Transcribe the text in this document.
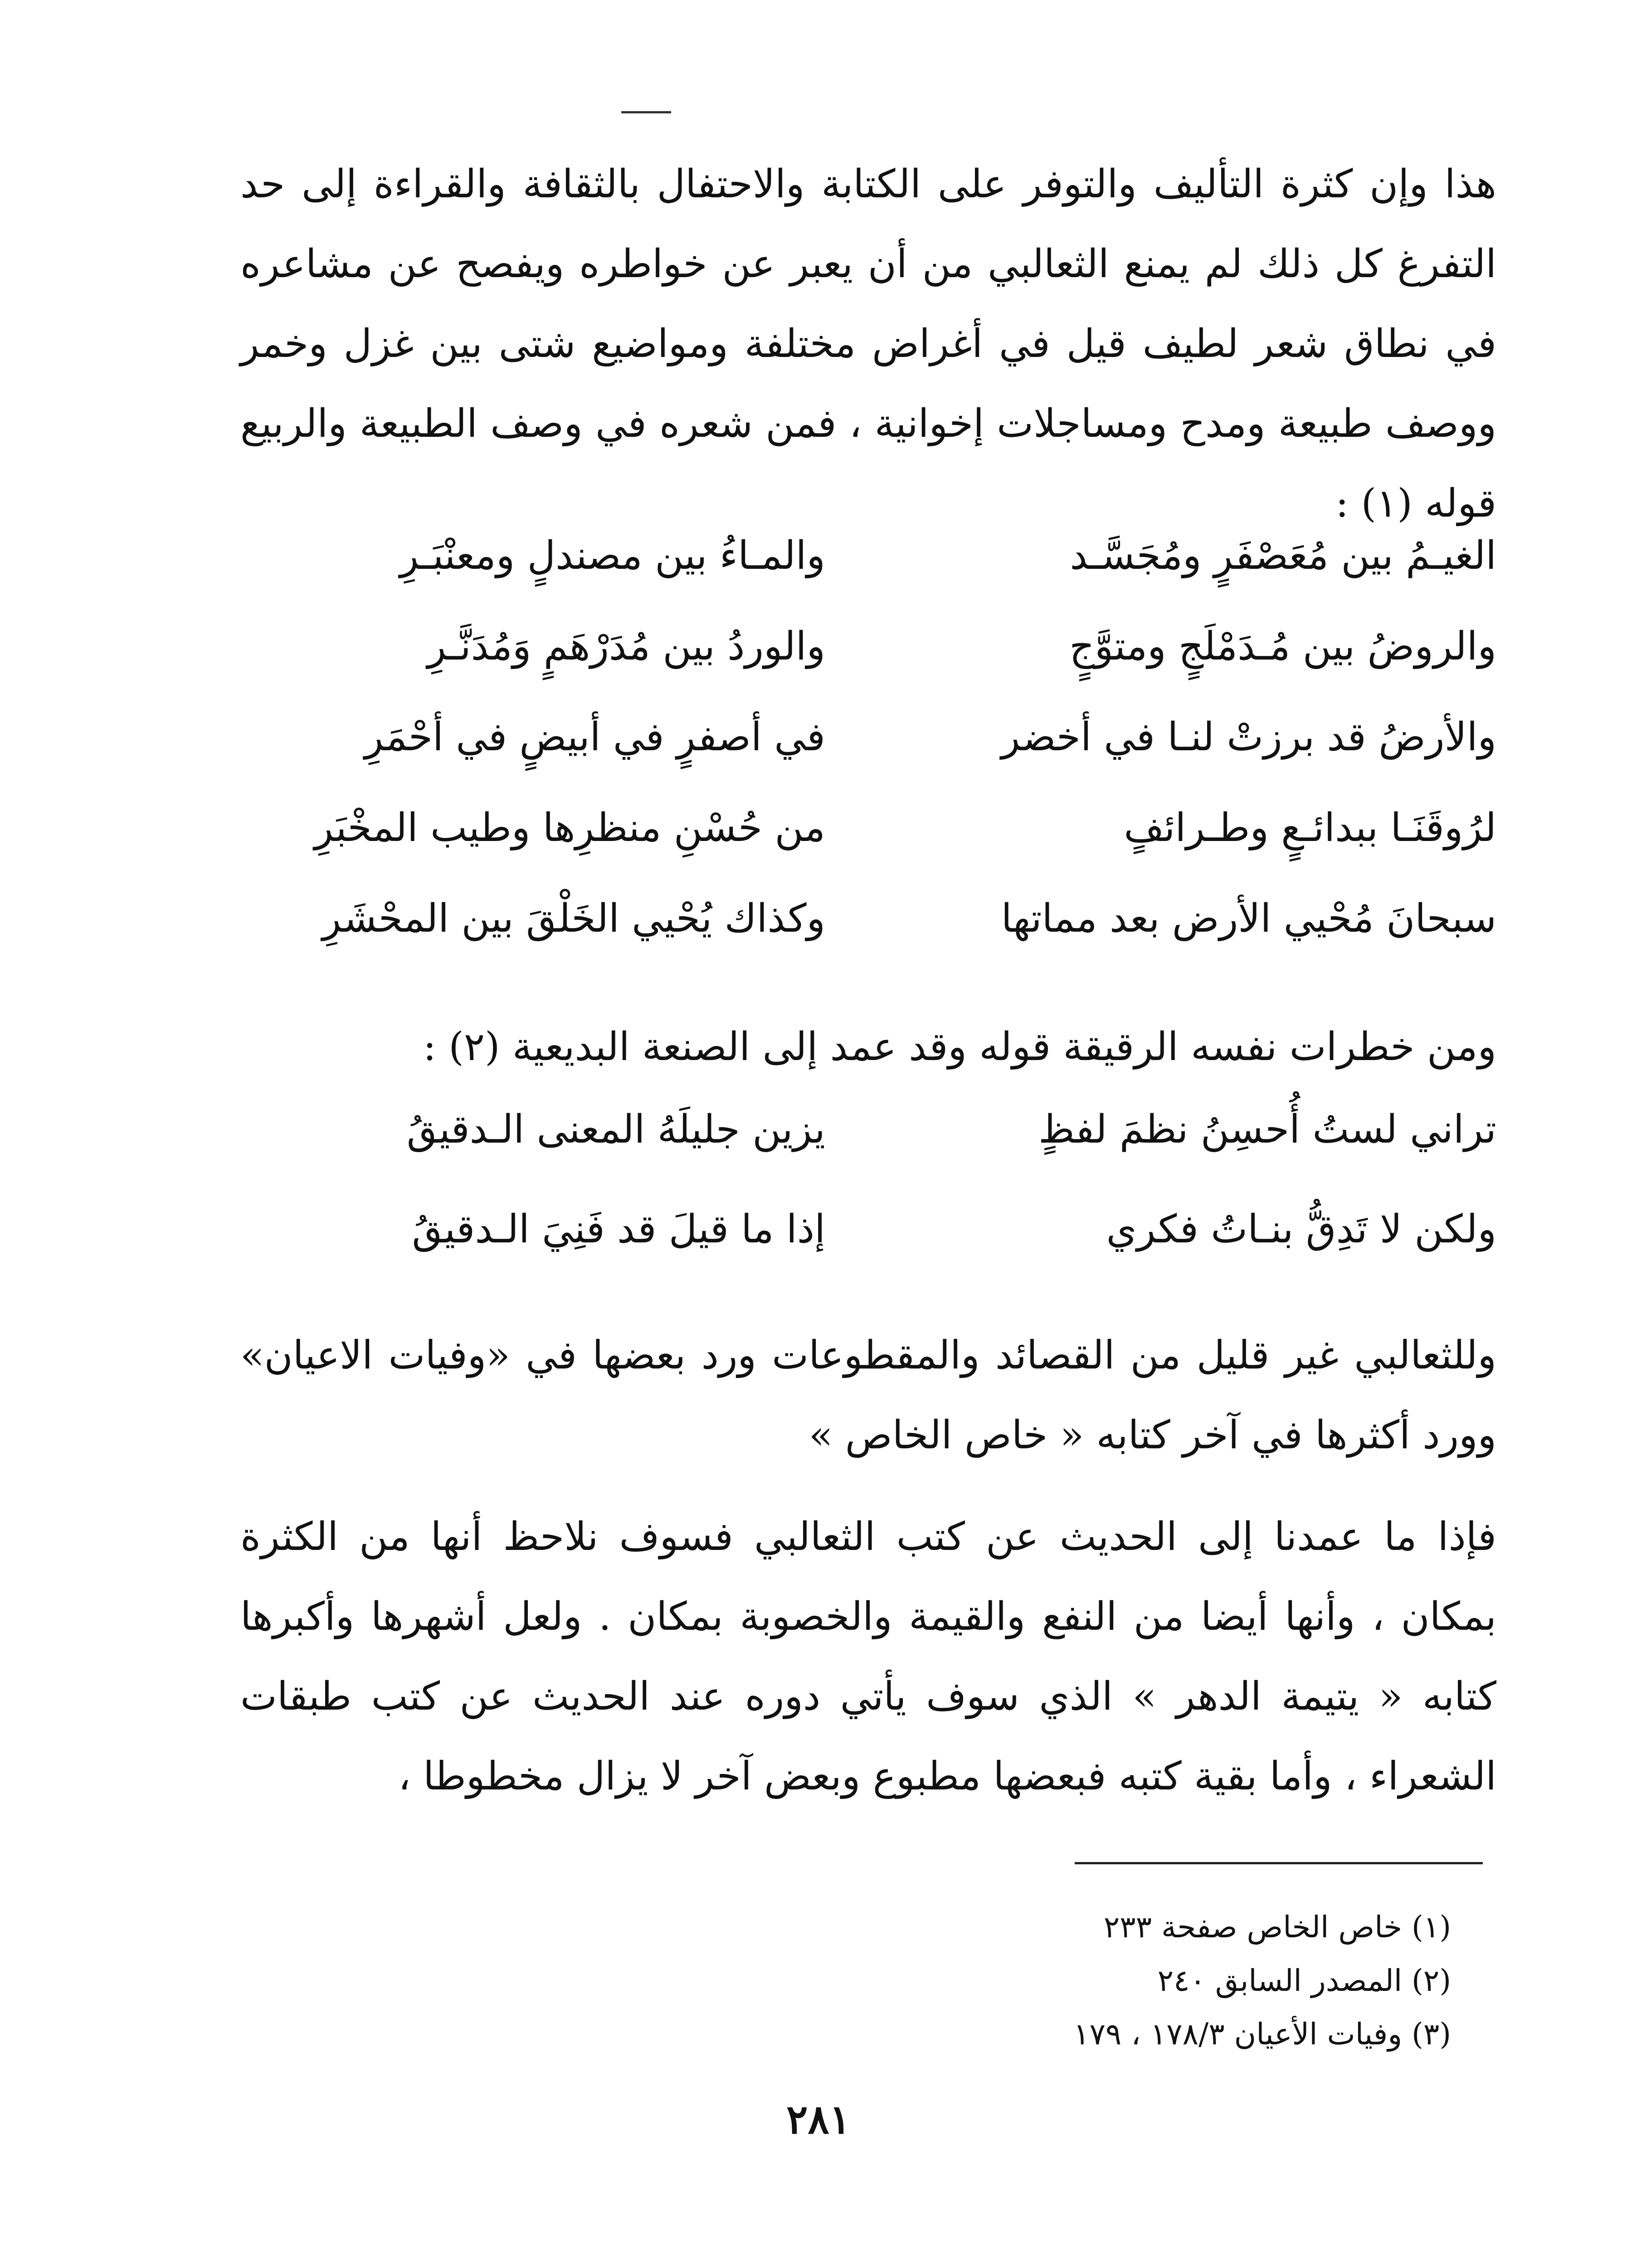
هذا وإن كثرة التأليف والتوفر على الكتابة والاحتفال بالثقافة والقراءة إلى حد التفرغ كل ذلك لم يمنع الثعالبي من أن يعبر عن خواطره ويفصح عن مشاعره في نطاق شعر لطيف قيل في أغراض مختلفة ومواضيع شتى بين غزل وخمر ووصف طبيعة ومدح ومساجلات إخوانية ، فمن شعره في وصف الطبيعة والربيع قوله (١) :

الغيـمُ بين مُعَصْفَرٍ ومُجَسَّـد
والمـاءُ بين مصندلٍ ومعنْبَـرِ
والروضُ بين مُـدَمْلَجٍ ومتوَّجٍ
والوردُ بين مُدَرْهَمٍ وَمُدَنَّـرِ
والأرضُ قد برزتْ لنـا في أخضر
في أصفرٍ في أبيضٍ في أحْمَرِ
لرُوقَنَـا ببدائـعٍ وطـرائفٍ
من حُسْنِ منظرِها وطيب المخْبَرِ
سبحانَ مُحْيي الأرض بعد مماتها
وكذاك يُحْيي الخَلْقَ بين المحْشَرِ

ومن خطرات نفسه الرقيقة قوله وقد عمد إلى الصنعة البديعية (٢) :

تراني لستُ أُحسِنُ نظمَ لفظٍ
يزين جليلَهُ المعنى الـدقيقُ
ولكن لا تَدِقُّ بنـاتُ فكري
إذا ما قيلَ قد فَنِيَ الـدقيقُ

وللثعالبي غير قليل من القصائد والمقطوعات ورد بعضها في «وفيات الاعيان» وورد أكثرها في آخر كتابه « خاص الخاص »

فإذا ما عمدنا إلى الحديث عن كتب الثعالبي فسوف نلاحظ أنها من الكثرة بمكان ، وأنها أيضا من النفع والقيمة والخصوبة بمكان . ولعل أشهرها وأكبرها كتابه « يتيمة الدهر » الذي سوف يأتي دوره عند الحديث عن كتب طبقات الشعراء ، وأما بقية كتبه فبعضها مطبوع وبعض آخر لا يزال مخطوطا ،

(١) خاص الخاص صفحة ٢٣٣
(٢) المصدر السابق ٢٤٠
(٣) وفيات الأعيان ١٧٨/٣ ، ١٧٩
٢٨١
